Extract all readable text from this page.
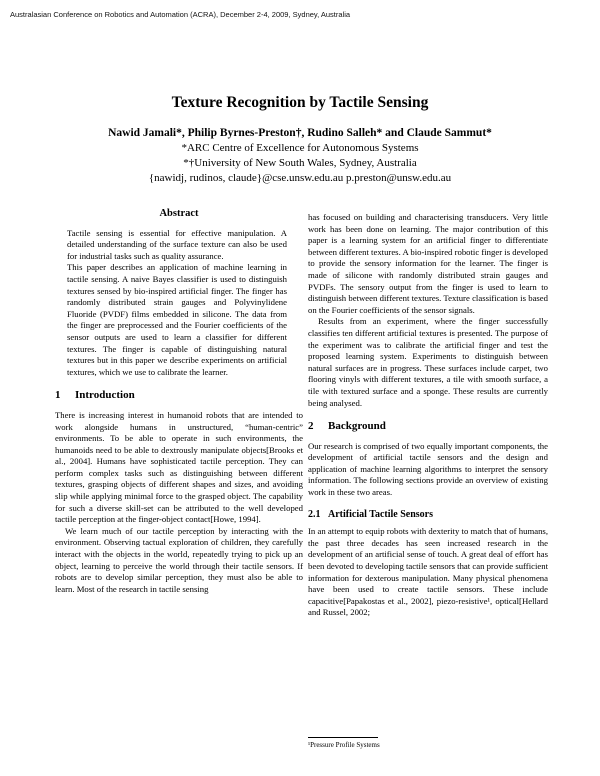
Australasian Conference on Robotics and Automation (ACRA), December 2-4, 2009, Sydney, Australia
Texture Recognition by Tactile Sensing
Nawid Jamali*, Philip Byrnes-Preston†, Rudino Salleh* and Claude Sammut*
*ARC Centre of Excellence for Autonomous Systems
*†University of New South Wales, Sydney, Australia
{nawidj, rudinos, claude}@cse.unsw.edu.au p.preston@unsw.edu.au
Abstract

Tactile sensing is essential for effective manipulation. A detailed understanding of the surface texture can also be used for industrial tasks such as quality assurance.

This paper describes an application of machine learning in tactile sensing. A naive Bayes classifier is used to distinguish textures sensed by bio-inspired artificial finger. The finger has randomly distributed strain gauges and Polyvinylidene Fluoride (PVDF) films embedded in silicone. The data from the finger are preprocessed and the Fourier coefficients of the sensor outputs are used to learn a classifier for different textures. The finger is capable of distinguishing natural textures but in this paper we describe experiments on artificial textures, which we use to calibrate the learner.

1 Introduction

There is increasing interest in humanoid robots that are intended to work alongside humans in unstructured, “human-centric” environments. To be able to operate in such environments, the humanoids need to be able to dextrously manipulate objects[Brooks et al., 2004]. Humans have sophisticated tactile perception. They can perform complex tasks such as distinguishing between different textures, grasping objects of different shapes and sizes, and avoiding slip while applying minimal force to the grasped object. The capability for such a diverse skill-set can be attributed to the well developed tactile perception at the finger-object contact[Howe, 1994].

We learn much of our tactile perception by interacting with the environment. Observing tactual exploration of children, they carefully interact with the objects in the world, repeatedly trying to pick up an object, learning to perceive the world through their tactile sensors. If robots are to develop similar perception, they must also be able to learn. Most of the research in tactile sensing

has focused on building and characterising transducers. Very little work has been done on learning. The major contribution of this paper is a learning system for an artificial finger to differentiate between different textures. A bio-inspired robotic finger is developed to provide the sensory information for the learner. The finger is made of silicone with randomly distributed strain gauges and PVDFs. The sensory output from the finger is used to learn to distinguish between different textures. Texture classification is based on the Fourier coefficients of the sensor signals.

Results from an experiment, where the finger successfully classifies ten different artificial textures is presented. The purpose of the experiment was to calibrate the artificial finger and test the proposed learning system. Experiments to distinguish between natural surfaces are in progress. These surfaces include carpet, two flooring vinyls with different textures, a tile with smooth surface, a tile with textured surface and a sponge. These results are currently being analysed.

2 Background

Our research is comprised of two equally important components, the development of artificial tactile sensors and the design and application of machine learning algorithms to interpret the sensory information. The following sections provide an overview of existing work in these two areas.

2.1 Artificial Tactile Sensors

In an attempt to equip robots with dexterity to match that of humans, the past three decades has seen increased research in the development of an artificial sense of touch. A great deal of effort has been devoted to developing tactile sensors that can provide sufficient information for dexterous manipulation. Many physical phenomena have been used to create tactile sensors. These include capacitive[Papakostas et al., 2002], piezo-resistive¹, optical[Hellard and Russel, 2002;

¹Pressure Profile Systems
